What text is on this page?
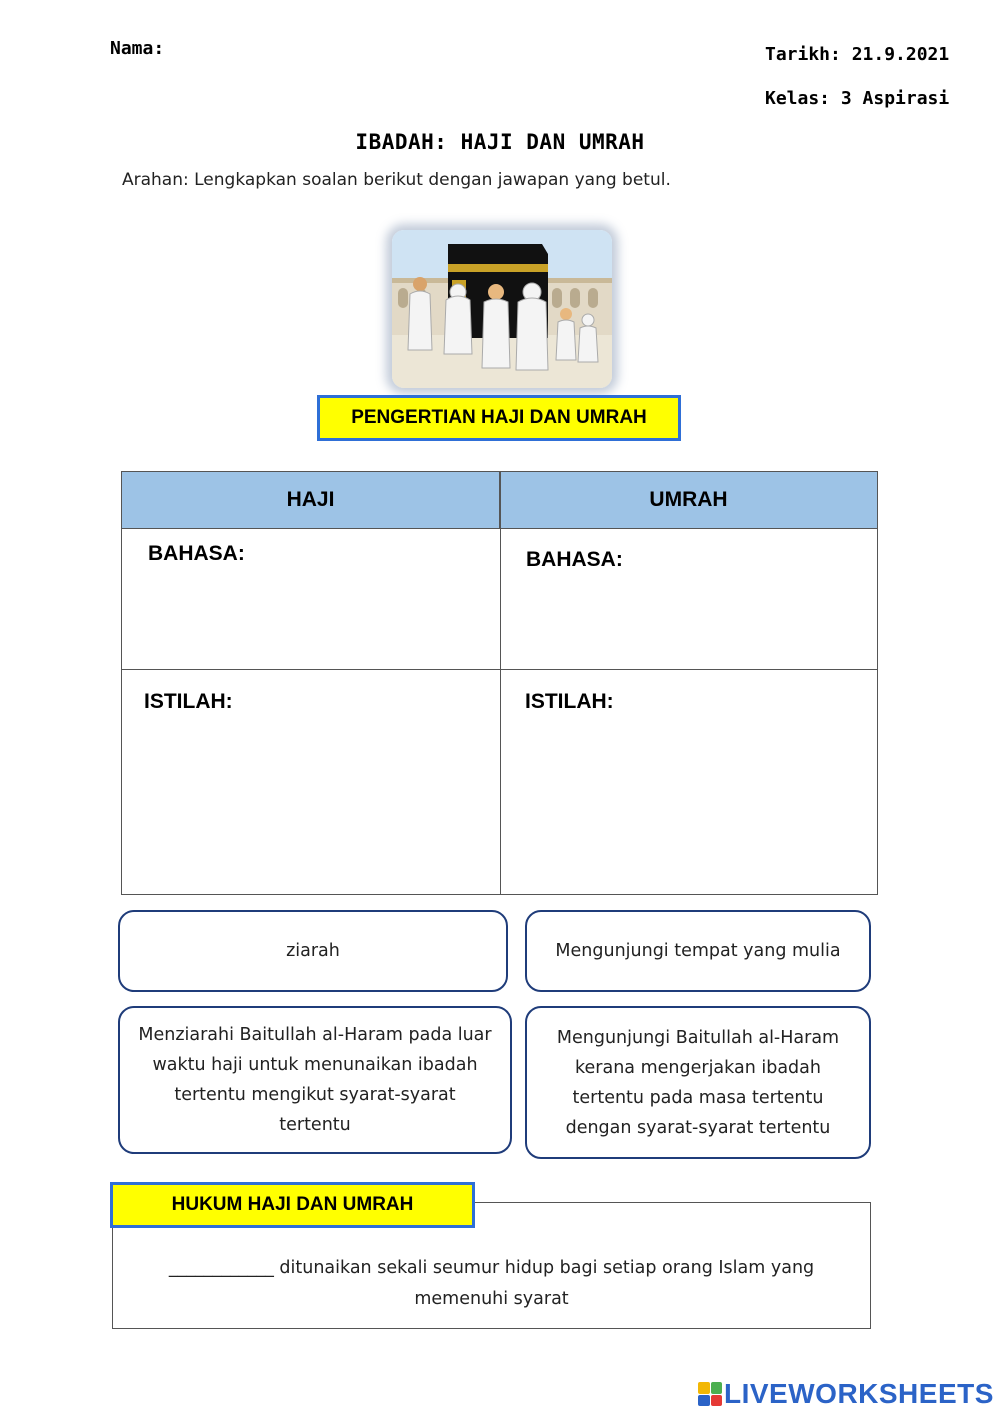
Nama:	Tarikh: 21.9.2021
Kelas: 3 Aspirasi
IBADAH: HAJI DAN UMRAH
Arahan: Lengkapkan soalan berikut dengan jawapan yang betul.
PENGERTIAN HAJI DAN UMRAH
HAJI	UMRAH
BAHASA:	BAHASA:
ISTILAH:	ISTILAH:
ziarah	Mengunjungi tempat yang mulia
Menziarahi Baitullah al-Haram pada luar waktu haji untuk menunaikan ibadah tertentu mengikut syarat-syarat tertentu
Mengunjungi Baitullah al-Haram kerana mengerjakan ibadah tertentu pada masa tertentu dengan syarat-syarat tertentu
____________ ditunaikan sekali seumur hidup bagi setiap orang Islam yang memenuhi syarat
HUKUM HAJI DAN UMRAH
LIVEWORKSHEETS
